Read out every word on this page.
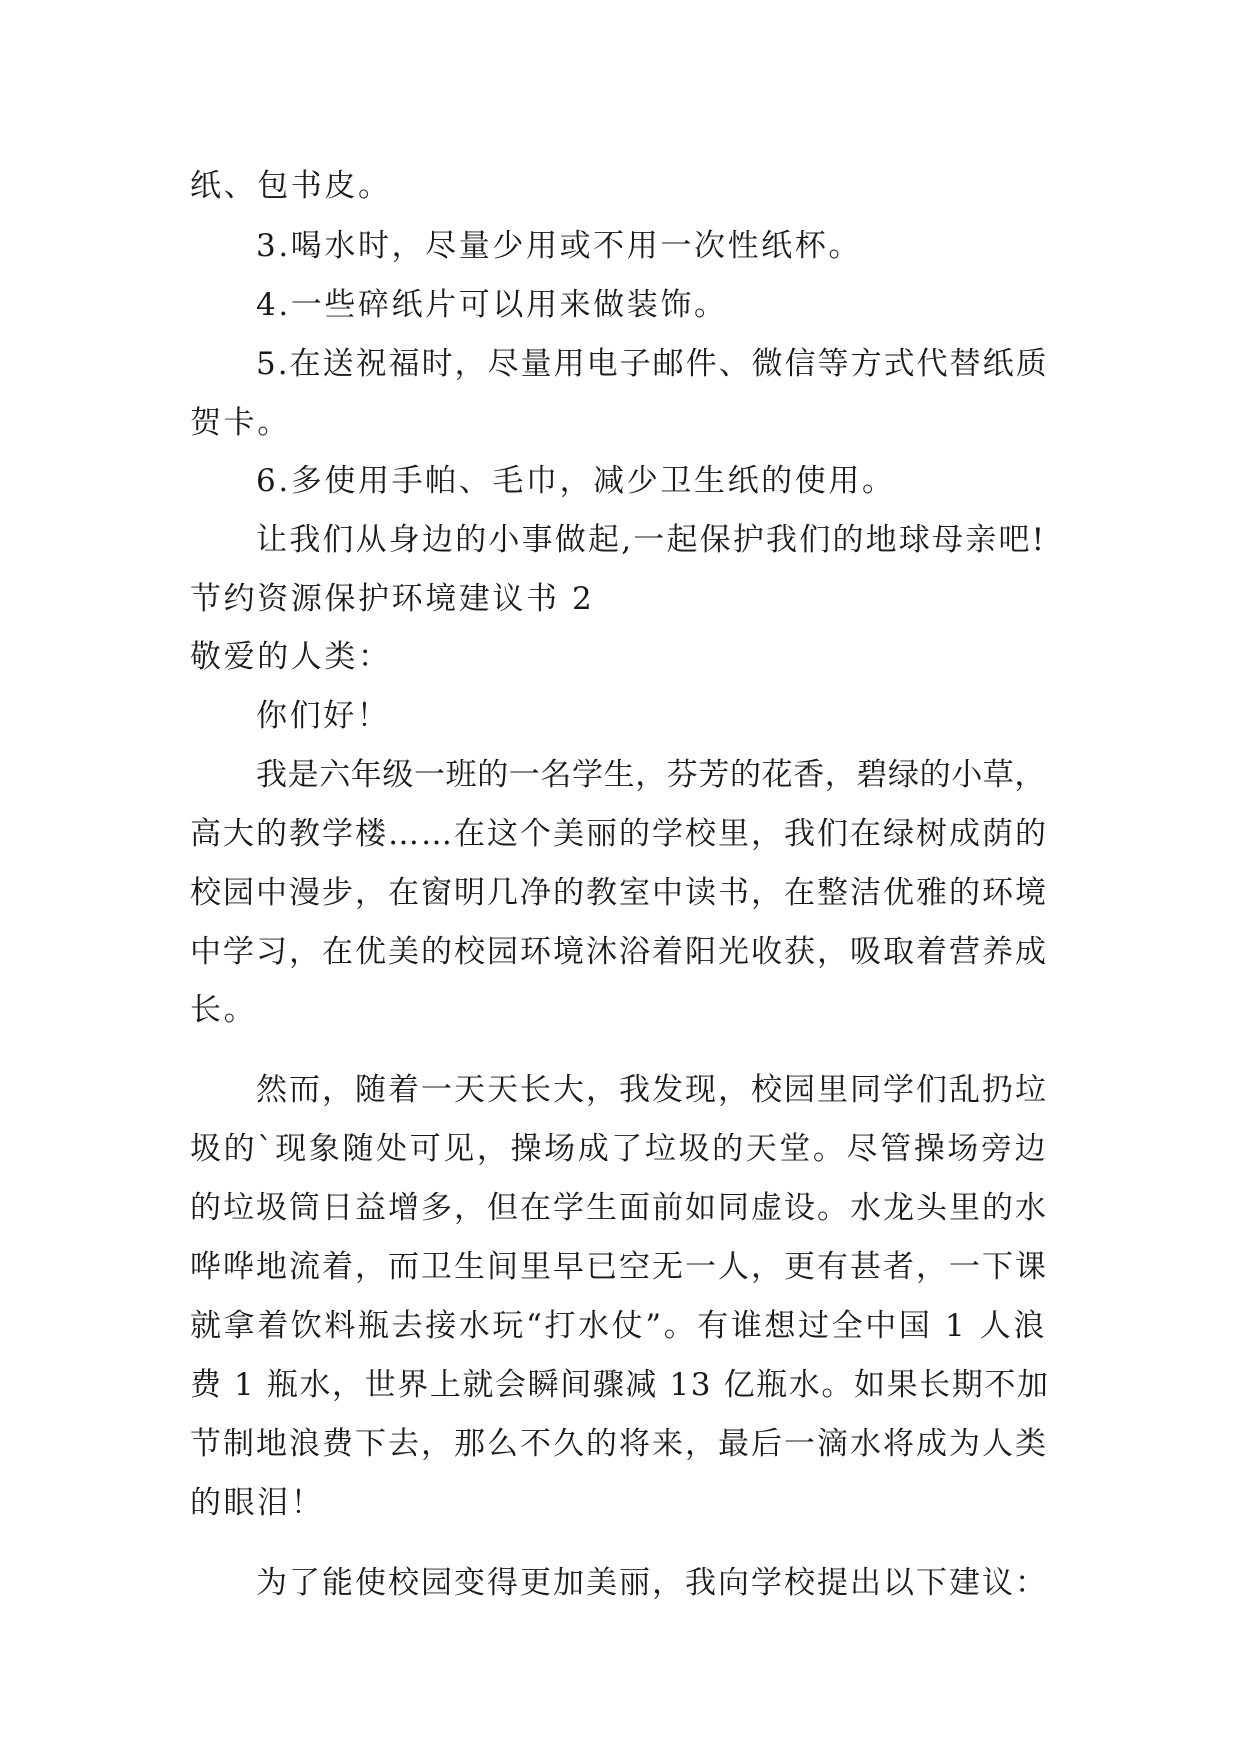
纸、包书皮。

3.喝水时，尽量少用或不用一次性纸杯。

4.一些碎纸片可以用来做装饰。

5.在送祝福时，尽量用电子邮件、微信等方式代替纸质

贺卡。

6.多使用手帕、毛巾，减少卫生纸的使用。

让我们从身边的小事做起,一起保护我们的地球母亲吧!

节约资源保护环境建议书 2

敬爱的人类：

你们好！

我是六年级一班的一名学生，芬芳的花香，碧绿的小草，

高大的教学楼……在这个美丽的学校里，我们在绿树成荫的

校园中漫步，在窗明几净的教室中读书，在整洁优雅的环境

中学习，在优美的校园环境沐浴着阳光收获，吸取着营养成

长。

然而，随着一天天长大，我发现，校园里同学们乱扔垃

圾的`现象随处可见，操场成了垃圾的天堂。尽管操场旁边

的垃圾筒日益增多，但在学生面前如同虚设。水龙头里的水

哗哗地流着，而卫生间里早已空无一人，更有甚者，一下课

就拿着饮料瓶去接水玩“打水仗”。有谁想过全中国 1 人浪

费 1 瓶水，世界上就会瞬间骤减 13 亿瓶水。如果长期不加

节制地浪费下去，那么不久的将来，最后一滴水将成为人类

的眼泪！

为了能使校园变得更加美丽，我向学校提出以下建议：
